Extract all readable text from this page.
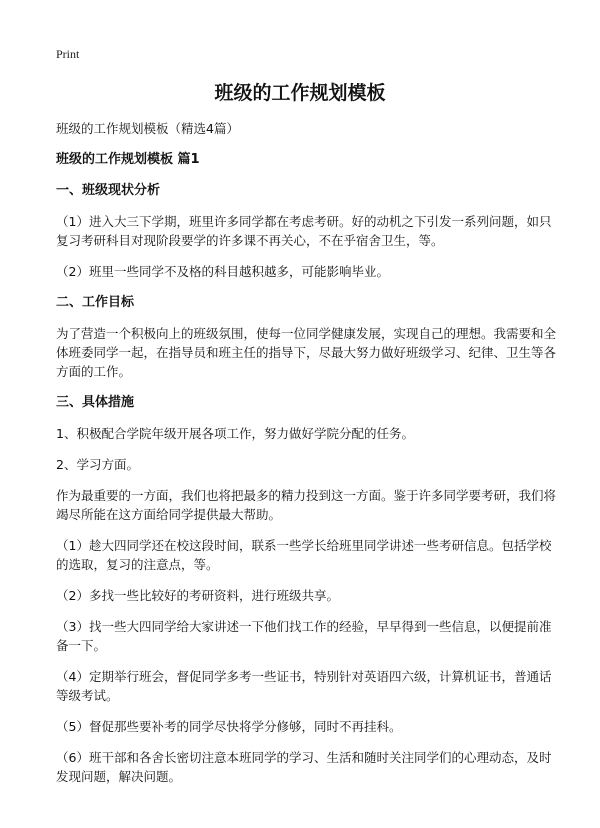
Print
班级的工作规划模板

班级的工作规划模板（精选4篇）

班级的工作规划模板 篇1

一、班级现状分析

（1）进入大三下学期，班里许多同学都在考虑考研。好的动机之下引发一系列问题，如只复习考研科目对现阶段要学的许多课不再关心，不在乎宿舍卫生，等。

（2）班里一些同学不及格的科目越积越多，可能影响毕业。

二、工作目标

为了营造一个积极向上的班级氛围，使每一位同学健康发展，实现自己的理想。我需要和全体班委同学一起，在指导员和班主任的指导下，尽最大努力做好班级学习、纪律、卫生等各方面的工作。

三、具体措施

1、积极配合学院年级开展各项工作，努力做好学院分配的任务。

2、学习方面。

作为最重要的一方面，我们也将把最多的精力投到这一方面。鉴于许多同学要考研，我们将竭尽所能在这方面给同学提供最大帮助。

（1）趁大四同学还在校这段时间，联系一些学长给班里同学讲述一些考研信息。包括学校的选取，复习的注意点，等。

（2）多找一些比较好的考研资料，进行班级共享。

（3）找一些大四同学给大家讲述一下他们找工作的经验，早早得到一些信息，以便提前准备一下。

（4）定期举行班会，督促同学多考一些证书，特别针对英语四六级，计算机证书，普通话等级考试。

（5）督促那些要补考的同学尽快将学分修够，同时不再挂科。

（6）班干部和各舍长密切注意本班同学的学习、生活和随时关注同学们的心理动态，及时发现问题，解决问题。
